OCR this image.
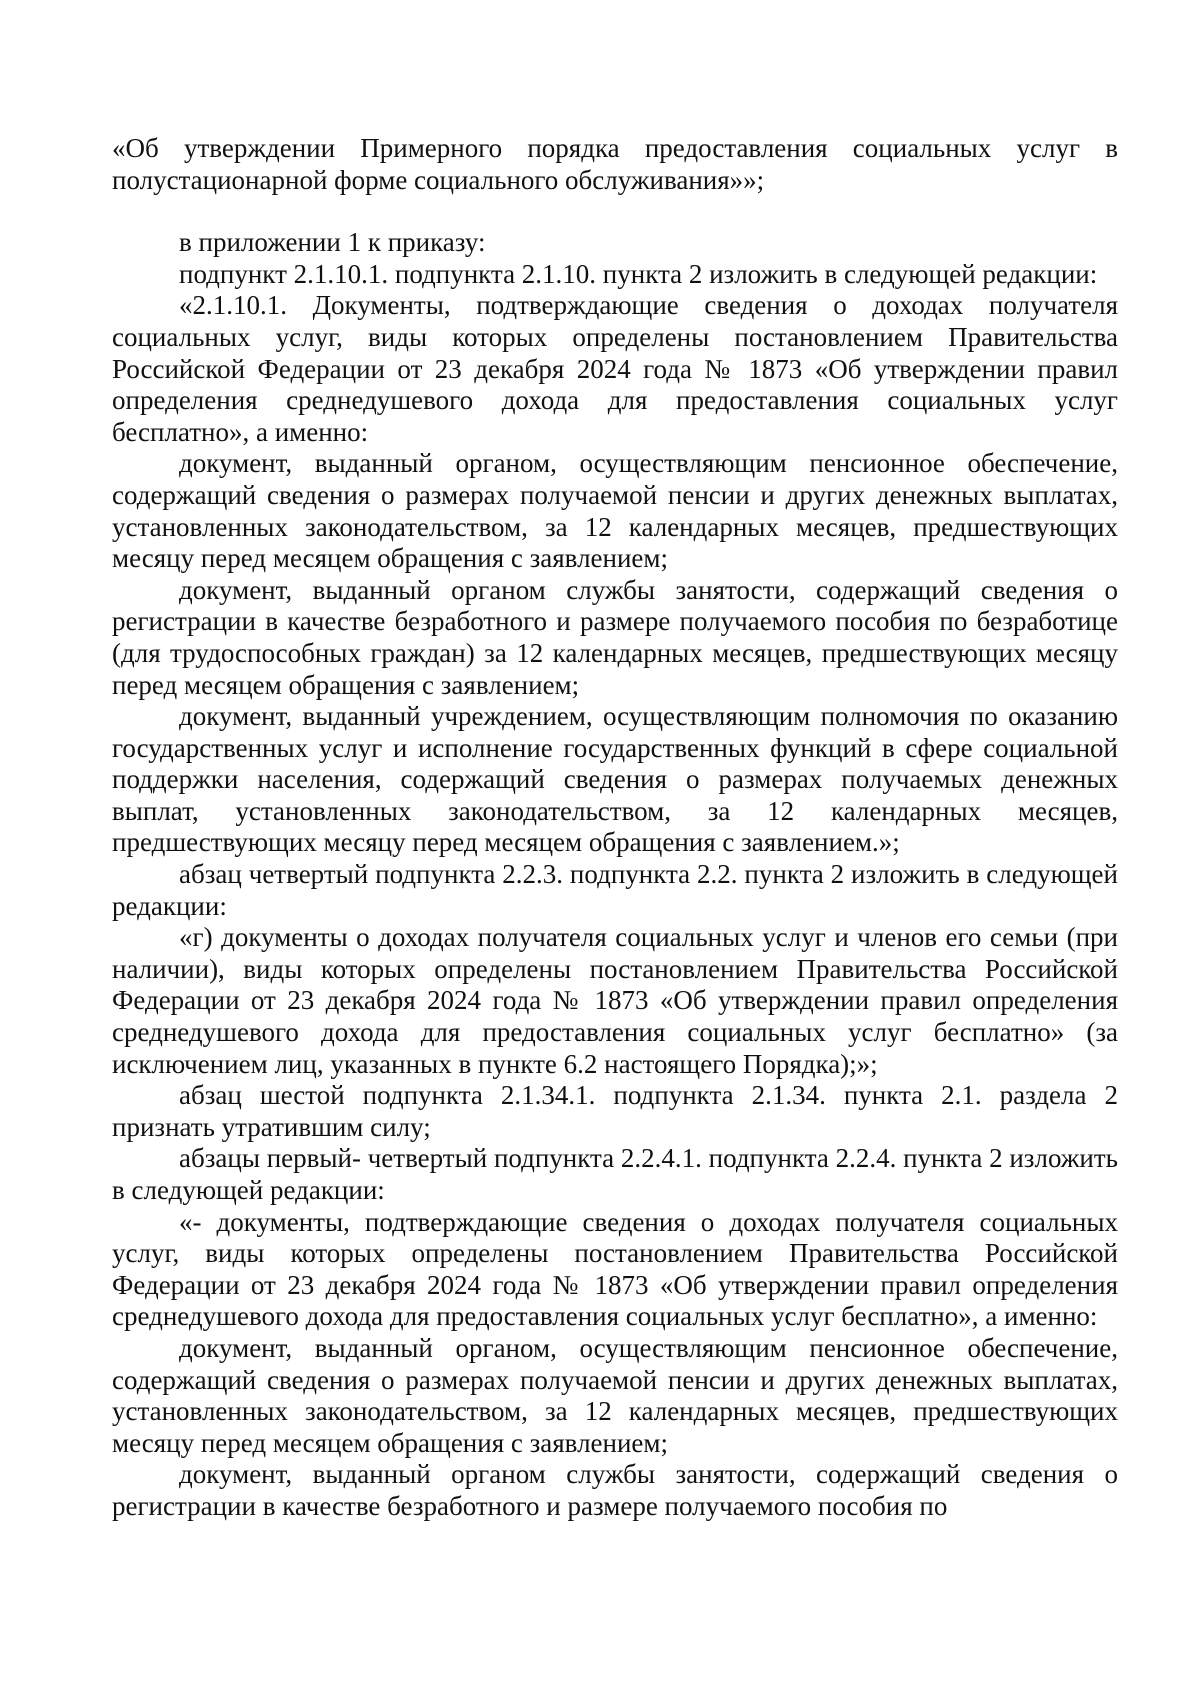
«Об утверждении Примерного порядка предоставления социальных услуг в полустационарной форме социального обслуживания»»;

в приложении 1 к приказу:

подпункт 2.1.10.1. подпункта 2.1.10. пункта 2 изложить в следующей редакции:

«2.1.10.1. Документы, подтверждающие сведения о доходах получателя социальных услуг, виды которых определены постановлением Правительства Российской Федерации от 23 декабря 2024 года № 1873 «Об утверждении правил определения среднедушевого дохода для предоставления социальных услуг бесплатно», а именно:

документ, выданный органом, осуществляющим пенсионное обеспечение, содержащий сведения о размерах получаемой пенсии и других денежных выплатах, установленных законодательством, за 12 календарных месяцев, предшествующих месяцу перед месяцем обращения с заявлением;

документ, выданный органом службы занятости, содержащий сведения о регистрации в качестве безработного и размере получаемого пособия по безработице (для трудоспособных граждан) за 12 календарных месяцев, предшествующих месяцу перед месяцем обращения с заявлением;

документ, выданный учреждением, осуществляющим полномочия по оказанию государственных услуг и исполнение государственных функций в сфере социальной поддержки населения, содержащий сведения о размерах получаемых денежных выплат, установленных законодательством, за 12 календарных месяцев, предшествующих месяцу перед месяцем обращения с заявлением.»;

абзац четвертый подпункта 2.2.3. подпункта 2.2. пункта 2 изложить в следующей редакции:

«г) документы о доходах получателя социальных услуг и членов его семьи (при наличии), виды которых определены постановлением Правительства Российской Федерации от 23 декабря 2024 года № 1873 «Об утверждении правил определения среднедушевого дохода для предоставления социальных услуг бесплатно» (за исключением лиц, указанных в пункте 6.2 настоящего Порядка);»;

абзац шестой подпункта 2.1.34.1. подпункта 2.1.34. пункта 2.1. раздела 2 признать утратившим силу;

абзацы первый- четвертый подпункта 2.2.4.1. подпункта 2.2.4. пункта 2 изложить в следующей редакции:

«- документы, подтверждающие сведения о доходах получателя социальных услуг, виды которых определены постановлением Правительства Российской Федерации от 23 декабря 2024 года № 1873 «Об утверждении правил определения среднедушевого дохода для предоставления социальных услуг бесплатно», а именно:

документ, выданный органом, осуществляющим пенсионное обеспечение, содержащий сведения о размерах получаемой пенсии и других денежных выплатах, установленных законодательством, за 12 календарных месяцев, предшествующих месяцу перед месяцем обращения с заявлением;

документ, выданный органом службы занятости, содержащий сведения о регистрации в качестве безработного и размере получаемого пособия по
